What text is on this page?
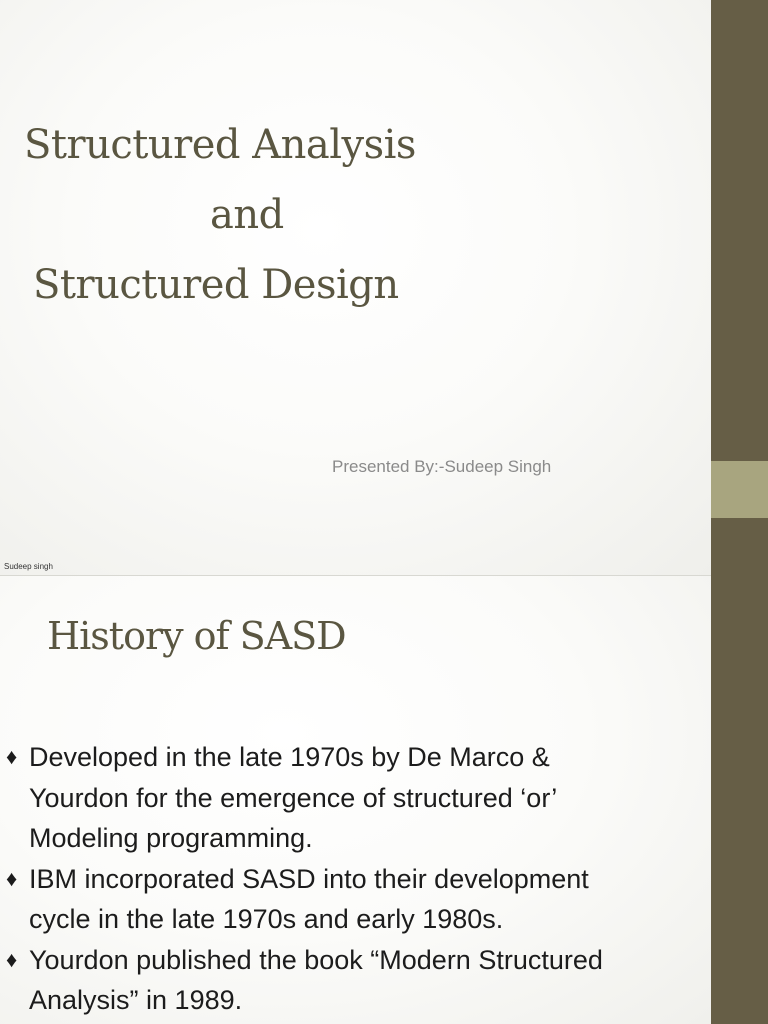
Structured Analysis
and
Structured Design
Presented By:-Sudeep Singh
Sudeep singh
History of SASD
♦ Developed in the late 1970s by De Marco &
Yourdon for the emergence of structured ‘or’
Modeling programming.
♦ IBM incorporated SASD into their development
cycle in the late 1970s and early 1980s.
♦ Yourdon published the book “Modern Structured
Analysis” in 1989.
